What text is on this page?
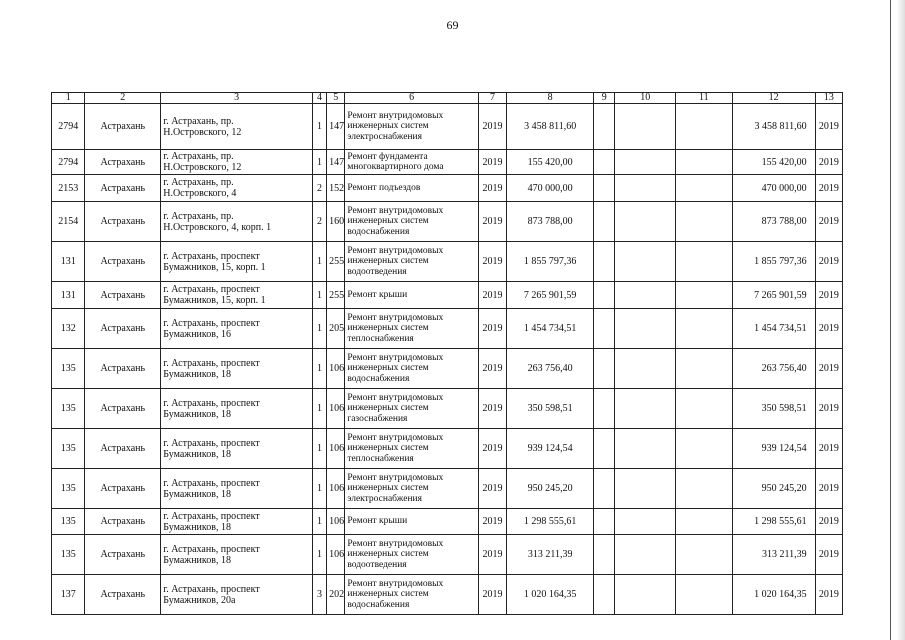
69
1	2	3	4	5	6	7	8	9	10	11	12	13

2794	Астрахань	г. Астрахань, пр.
Н.Островского, 12	1	147	Ремонт внутридомовых
инженерных систем
электроснабжения	2019	3 458 811,60				3 458 811,60	2019

2794	Астрахань	г. Астрахань, пр.
Н.Островского, 12	1	147	Ремонт фундамента
многоквартирного дома	2019	155 420,00				155 420,00	2019

2153	Астрахань	г. Астрахань, пр.
Н.Островского, 4	2	152	Ремонт подъездов	2019	470 000,00				470 000,00	2019

2154	Астрахань	г. Астрахань, пр.
Н.Островского, 4, корп. 1	2	160	Ремонт внутридомовых
инженерных систем
водоснабжения	2019	873 788,00				873 788,00	2019

131	Астрахань	г. Астрахань, проспект
Бумажников, 15, корп. 1	1	255	Ремонт внутридомовых
инженерных систем
водоотведения	2019	1 855 797,36				1 855 797,36	2019

131	Астрахань	г. Астрахань, проспект
Бумажников, 15, корп. 1	1	255	Ремонт крыши	2019	7 265 901,59				7 265 901,59	2019

132	Астрахань	г. Астрахань, проспект
Бумажников, 16	1	205	Ремонт внутридомовых
инженерных систем
теплоснабжения	2019	1 454 734,51				1 454 734,51	2019

135	Астрахань	г. Астрахань, проспект
Бумажников, 18	1	106	Ремонт внутридомовых
инженерных систем
водоснабжения	2019	263 756,40				263 756,40	2019

135	Астрахань	г. Астрахань, проспект
Бумажников, 18	1	106	Ремонт внутридомовых
инженерных систем
газоснабжения	2019	350 598,51				350 598,51	2019

135	Астрахань	г. Астрахань, проспект
Бумажников, 18	1	106	Ремонт внутридомовых
инженерных систем
теплоснабжения	2019	939 124,54				939 124,54	2019

135	Астрахань	г. Астрахань, проспект
Бумажников, 18	1	106	Ремонт внутридомовых
инженерных систем
электроснабжения	2019	950 245,20				950 245,20	2019

135	Астрахань	г. Астрахань, проспект
Бумажников, 18	1	106	Ремонт крыши	2019	1 298 555,61				1 298 555,61	2019

135	Астрахань	г. Астрахань, проспект
Бумажников, 18	1	106	Ремонт внутридомовых
инженерных систем
водоотведения	2019	313 211,39				313 211,39	2019

137	Астрахань	г. Астрахань, проспект
Бумажников, 20а	3	202	Ремонт внутридомовых
инженерных систем
водоснабжения	2019	1 020 164,35				1 020 164,35	2019
